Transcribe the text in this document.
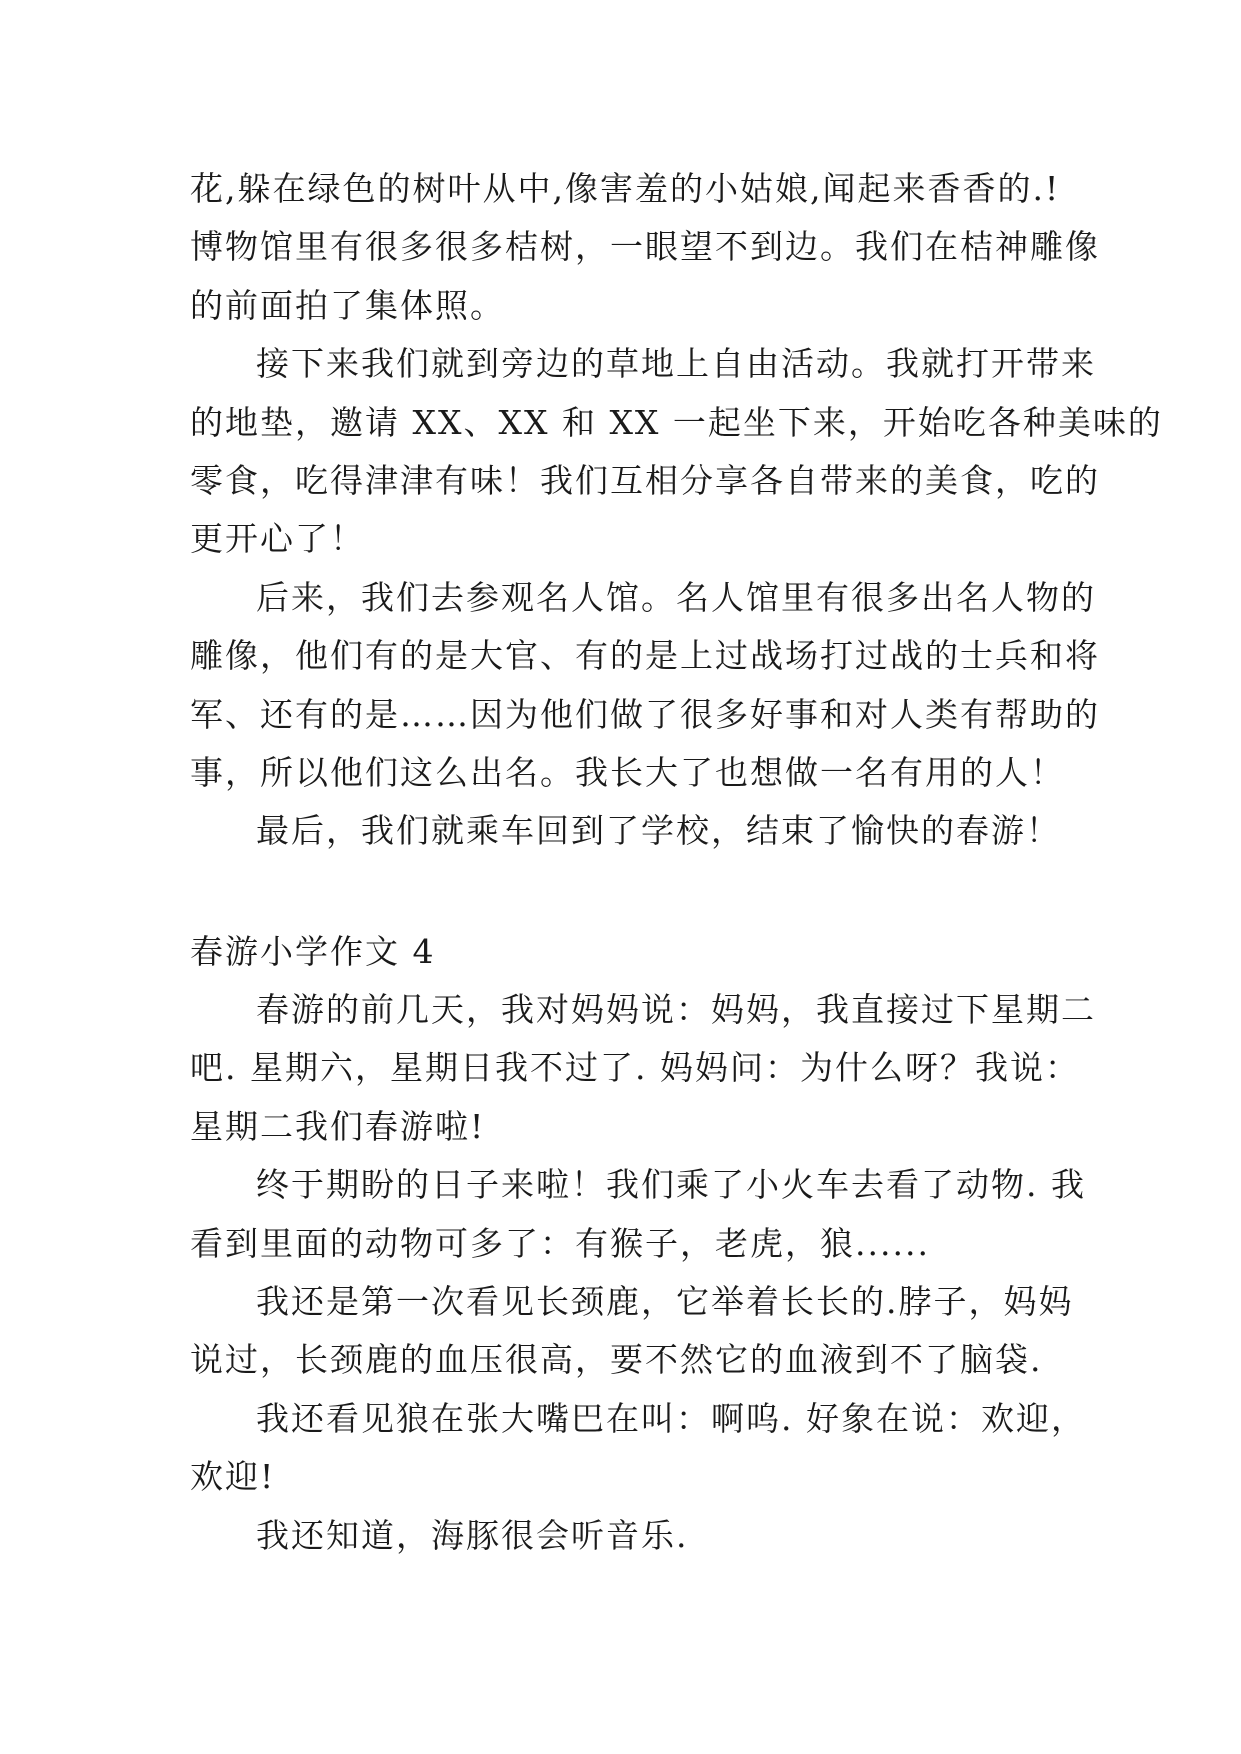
花,躲在绿色的树叶从中,像害羞的小姑娘,闻起来香香的.!
博物馆里有很多很多桔树，一眼望不到边。我们在桔神雕像
的前面拍了集体照。
接下来我们就到旁边的草地上自由活动。我就打开带来
的地垫，邀请 XX、XX 和 XX 一起坐下来，开始吃各种美味的
零食，吃得津津有味！我们互相分享各自带来的美食，吃的
更开心了！
后来，我们去参观名人馆。名人馆里有很多出名人物的
雕像，他们有的是大官、有的是上过战场打过战的士兵和将
军、还有的是……因为他们做了很多好事和对人类有帮助的
事，所以他们这么出名。我长大了也想做一名有用的人！
最后，我们就乘车回到了学校，结束了愉快的春游！
春游小学作文 4
春游的前几天，我对妈妈说：妈妈，我直接过下星期二
吧. 星期六，星期日我不过了. 妈妈问：为什么呀？我说：
星期二我们春游啦!
终于期盼的日子来啦！我们乘了小火车去看了动物. 我
看到里面的动物可多了：有猴子，老虎，狼......
我还是第一次看见长颈鹿，它举着长长的.脖子，妈妈
说过，长颈鹿的血压很高，要不然它的血液到不了脑袋.
我还看见狼在张大嘴巴在叫：啊呜. 好象在说：欢迎，
欢迎!
我还知道，海豚很会听音乐.
